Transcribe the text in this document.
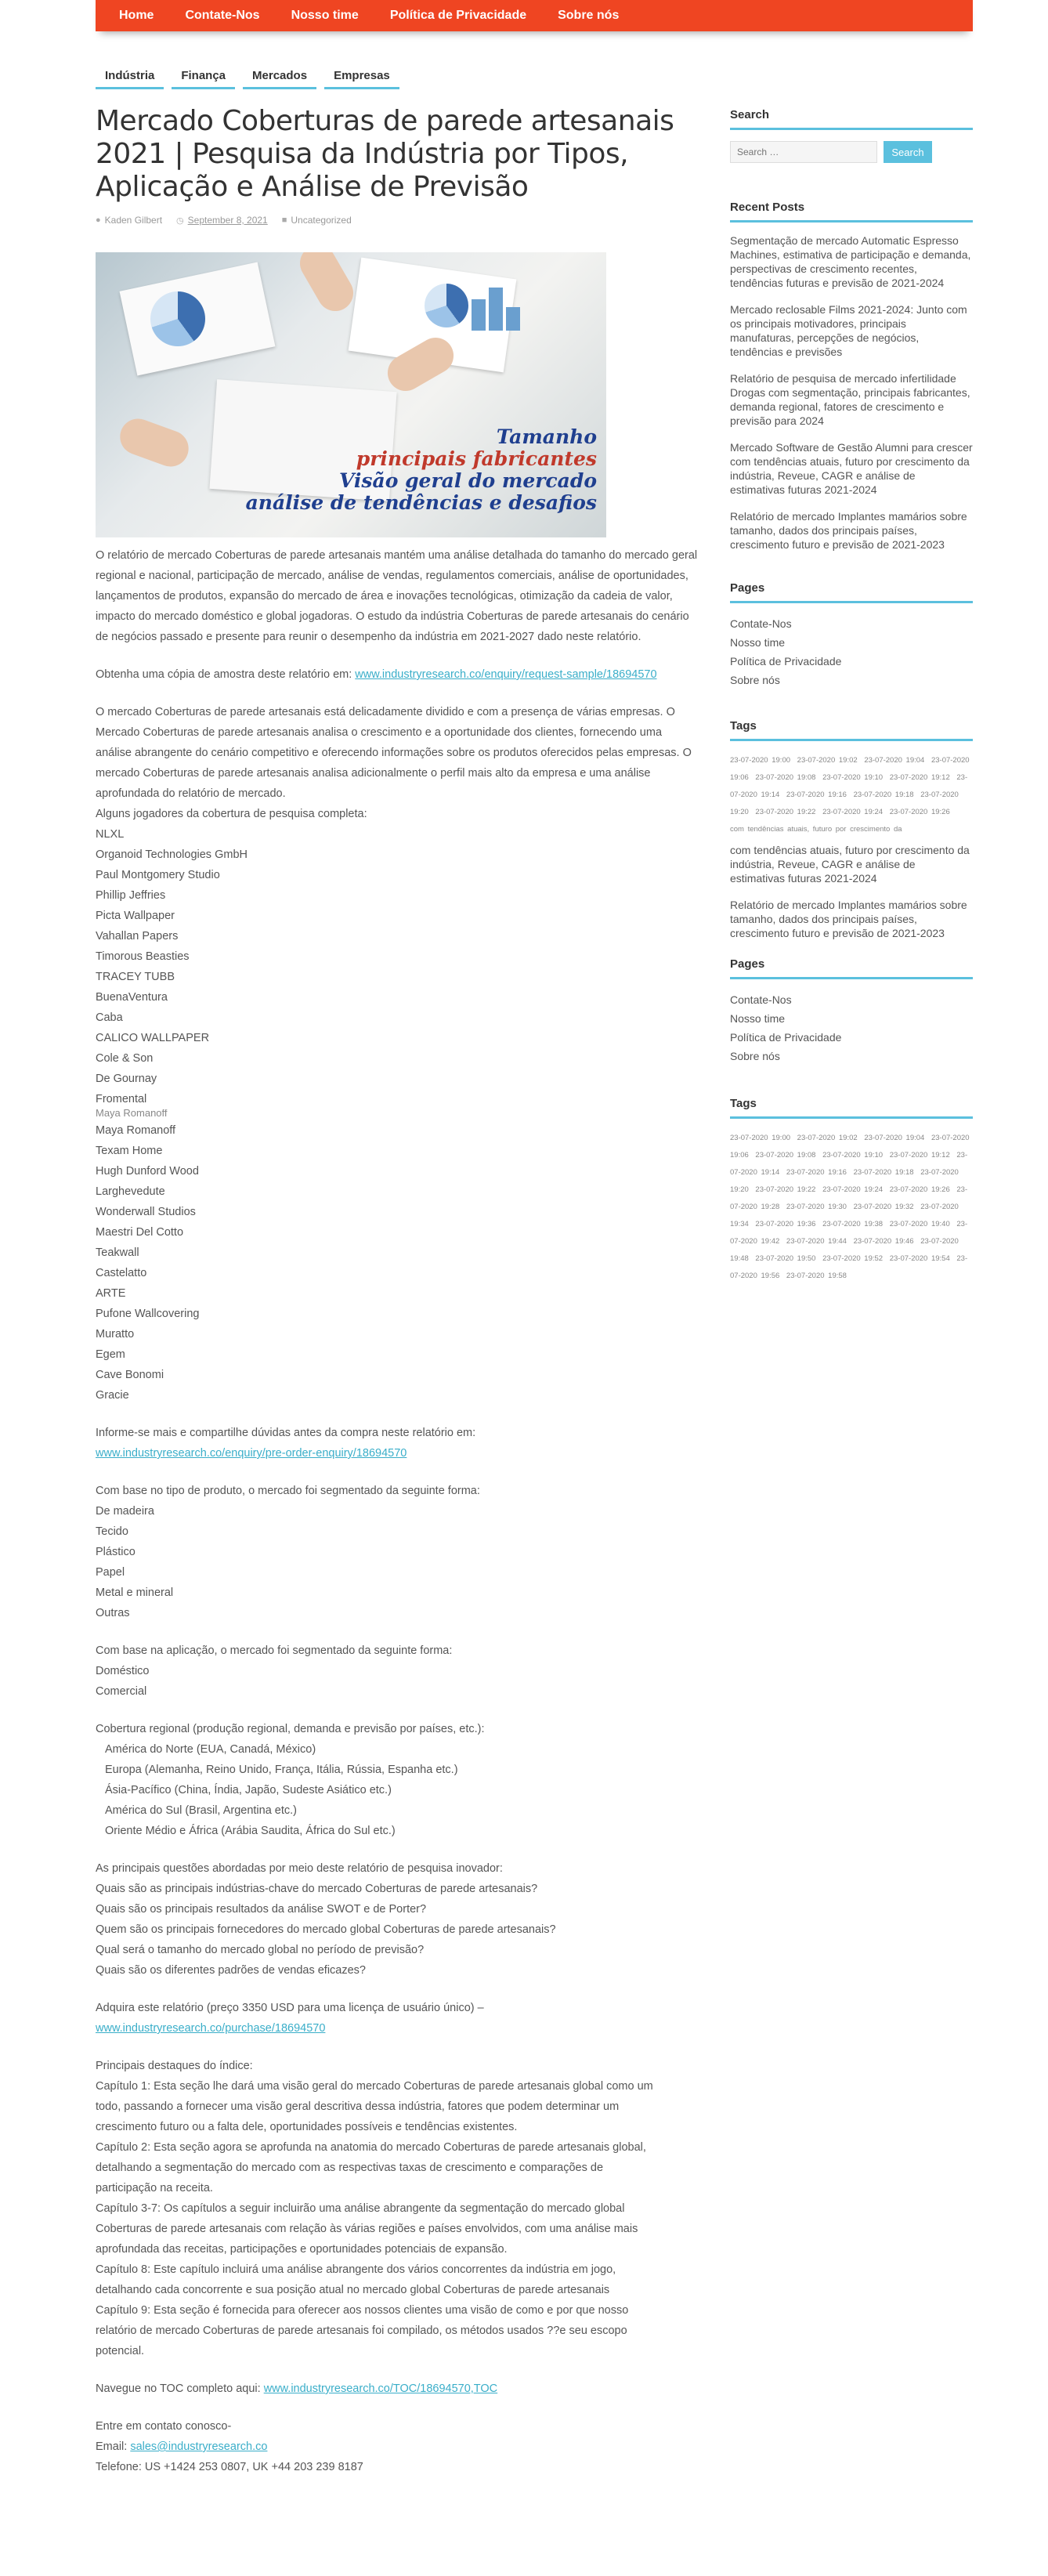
Home	Contate-Nos	Nosso time	Política de Privacidade	Sobre nós
Indústria	Finança	Mercados	Empresas
Mercado Coberturas de parede artesanais 2021 | Pesquisa da Indústria por Tipos, Aplicação e Análise de Previsão
● Kaden Gilbert ◷ September 8, 2021 ■ Uncategorized
Tamanho
principais fabricantes
Visão geral do mercado
análise de tendências e desafios

O relatório de mercado Coberturas de parede artesanais mantém uma análise detalhada do tamanho do mercado geral regional e nacional, participação de mercado, análise de vendas, regulamentos comerciais, análise de oportunidades, lançamentos de produtos, expansão do mercado de área e inovações tecnológicas, otimização da cadeia de valor, impacto do mercado doméstico e global jogadoras. O estudo da indústria Coberturas de parede artesanais do cenário de negócios passado e presente para reunir o desempenho da indústria em 2021-2027 dado neste relatório.

Obtenha uma cópia de amostra deste relatório em: www.industryresearch.co/enquiry/request-sample/18694570

O mercado Coberturas de parede artesanais está delicadamente dividido e com a presença de várias empresas. O Mercado Coberturas de parede artesanais analisa o crescimento e a oportunidade dos clientes, fornecendo uma análise abrangente do cenário competitivo e oferecendo informações sobre os produtos oferecidos pelas empresas. O mercado Coberturas de parede artesanais analisa adicionalmente o perfil mais alto da empresa e uma análise aprofundada do relatório de mercado.

Alguns jogadores da cobertura de pesquisa completa:
NLXL
Organoid Technologies GmbH
Paul Montgomery Studio
Phillip Jeffries
Picta Wallpaper
Vahallan Papers
Timorous Beasties
TRACEY TUBB
BuenaVentura
Caba
CALICO WALLPAPER
Cole & Son
De Gournay
Fromental
Maya Romanoff
Maya Romanoff
Texam Home
Hugh Dunford Wood
Larghevedute
Wonderwall Studios
Maestri Del Cotto
Teakwall
Castelatto
ARTE
Pufone Wallcovering
Muratto
Egem
Cave Bonomi
Gracie

Informe-se mais e compartilhe dúvidas antes da compra neste relatório em:
www.industryresearch.co/enquiry/pre-order-enquiry/18694570

Com base no tipo de produto, o mercado foi segmentado da seguinte forma:
De madeira
Tecido
Plástico
Papel
Metal e mineral
Outras
Com base na aplicação, o mercado foi segmentado da seguinte forma:
Doméstico
Comercial
Cobertura regional (produção regional, demanda e previsão por países, etc.):
América do Norte (EUA, Canadá, México)
Europa (Alemanha, Reino Unido, França, Itália, Rússia, Espanha etc.)
Ásia-Pacífico (China, Índia, Japão, Sudeste Asiático etc.)
América do Sul (Brasil, Argentina etc.)
Oriente Médio e África (Arábia Saudita, África do Sul etc.)
As principais questões abordadas por meio deste relatório de pesquisa inovador:
Quais são as principais indústrias-chave do mercado Coberturas de parede artesanais?
Quais são os principais resultados da análise SWOT e de Porter?
Quem são os principais fornecedores do mercado global Coberturas de parede artesanais?
Qual será o tamanho do mercado global no período de previsão?
Quais são os diferentes padrões de vendas eficazes?
Adquira este relatório (preço 3350 USD para uma licença de usuário único) –
www.industryresearch.co/purchase/18694570
Principais destaques do índice:
Capítulo 1: Esta seção lhe dará uma visão geral do mercado Coberturas de parede artesanais global como um
todo, passando a fornecer uma visão geral descritiva dessa indústria, fatores que podem determinar um
crescimento futuro ou a falta dele, oportunidades possíveis e tendências existentes.
Capítulo 2: Esta seção agora se aprofunda na anatomia do mercado Coberturas de parede artesanais global,
detalhando a segmentação do mercado com as respectivas taxas de crescimento e comparações de
participação na receita.
Capítulo 3-7: Os capítulos a seguir incluirão uma análise abrangente da segmentação do mercado global
Coberturas de parede artesanais com relação às várias regiões e países envolvidos, com uma análise mais
aprofundada das receitas, participações e oportunidades potenciais de expansão.
Capítulo 8: Este capítulo incluirá uma análise abrangente dos vários concorrentes da indústria em jogo,
detalhando cada concorrente e sua posição atual no mercado global Coberturas de parede artesanais
Capítulo 9: Esta seção é fornecida para oferecer aos nossos clientes uma visão de como e por que nosso
relatório de mercado Coberturas de parede artesanais foi compilado, os métodos usados ??e seu escopo
potencial.

Navegue no TOC completo aqui: www.industryresearch.co/TOC/18694570,TOC

Entre em contato conosco-
Email: sales@industryresearch.co
Telefone: US +1424 253 0807, UK +44 203 239 8187
Search
Search …
Search
Recent Posts
Segmentação de mercado Automatic Espresso Machines, estimativa de participação e demanda, perspectivas de crescimento recentes, tendências futuras e previsão de 2021-2024
Mercado reclosable Films 2021-2024: Junto com os principais motivadores, principais manufaturas, percepções de negócios, tendências e previsões
Relatório de pesquisa de mercado infertilidade Drogas com segmentação, principais fabricantes, demanda regional, fatores de crescimento e previsão para 2024
Mercado Software de Gestão Alumni para crescer com tendências atuais, futuro por crescimento da indústria, Reveue, CAGR e análise de estimativas futuras 2021-2024
Relatório de mercado Implantes mamários sobre tamanho, dados dos principais países, crescimento futuro e previsão de 2021-2023
Pages
Contate-Nos
Nosso time
Política de Privacidade
Sobre nós
Tags
23-07-2020 19:00 23-07-2020 19:02 23-07-2020 19:04 23-07-2020 19:06 23-07-2020 19:08 23-07-2020 19:10 23-07-2020 19:12 23-07-2020 19:14 23-07-2020 19:16 23-07-2020 19:18 23-07-2020 19:20 23-07-2020 19:22 23-07-2020 19:24 23-07-2020 19:26
com tendências atuais, futuro por crescimento da
com tendências atuais, futuro por crescimento da indústria, Reveue, CAGR e análise de estimativas futuras 2021-2024
Relatório de mercado Implantes mamários sobre tamanho, dados dos principais países, crescimento futuro e previsão de 2021-2023
Pages
Contate-Nos
Nosso time
Política de Privacidade
Sobre nós
Tags
23-07-2020 19:00 23-07-2020 19:02 23-07-2020 19:04 23-07-2020 19:06 23-07-2020 19:08 23-07-2020 19:10 23-07-2020 19:12 23-07-2020 19:14 23-07-2020 19:16 23-07-2020 19:18 23-07-2020 19:20 23-07-2020 19:22 23-07-2020 19:24 23-07-2020 19:26 23-07-2020 19:28 23-07-2020 19:30 23-07-2020 19:32 23-07-2020 19:34 23-07-2020 19:36 23-07-2020 19:38 23-07-2020 19:40 23-07-2020 19:42 23-07-2020 19:44 23-07-2020 19:46 23-07-2020 19:48 23-07-2020 19:50 23-07-2020 19:52 23-07-2020 19:54 23-07-2020 19:56 23-07-2020 19:58
